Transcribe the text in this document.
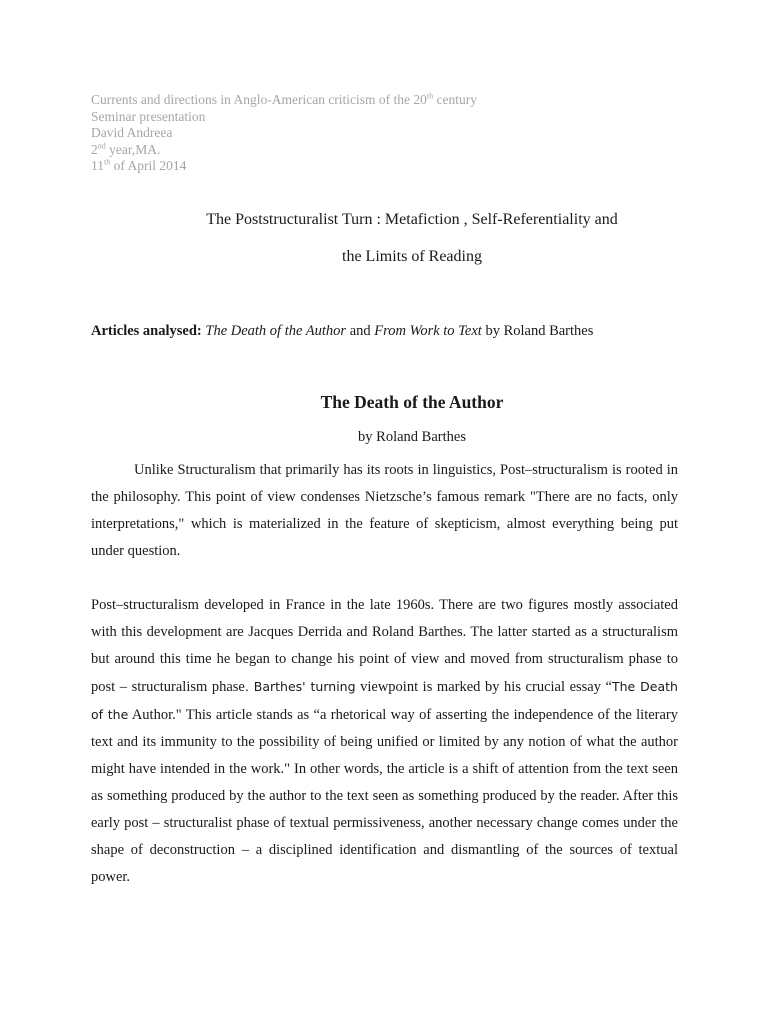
Currents and directions in Anglo-American criticism of the 20th century
Seminar presentation
David Andreea
2nd year,MA.
11th of April 2014
The Poststructuralist Turn : Metafiction , Self-Referentiality and
the Limits of Reading
Articles analysed: The Death of the Author and From Work to Text by Roland Barthes
The Death of the Author
by Roland Barthes
Unlike Structuralism that primarily has its roots in linguistics, Post–structuralism is rooted in the philosophy. This point of view condenses Nietzsche’s famous remark "There are no facts, only interpretations," which is materialized in the feature of skepticism, almost everything being put under question.
Post–structuralism developed in France in the late 1960s. There are two figures mostly associated with this development are Jacques Derrida and Roland Barthes. The latter started as a structuralism but around this time he began to change his point of view and moved from structuralism phase to post – structuralism phase. Barthes' turning viewpoint is marked by his crucial essay “The Death of the Author." This article stands as “a rhetorical way of asserting the independence of the literary text and its immunity to the possibility of being unified or limited by any notion of what the author might have intended in the work." In other words, the article is a shift of attention from the text seen as something produced by the author to the text seen as something produced by the reader. After this early post – structuralist phase of textual permissiveness, another necessary change comes under the shape of deconstruction – a disciplined identification and dismantling of the sources of textual power.
